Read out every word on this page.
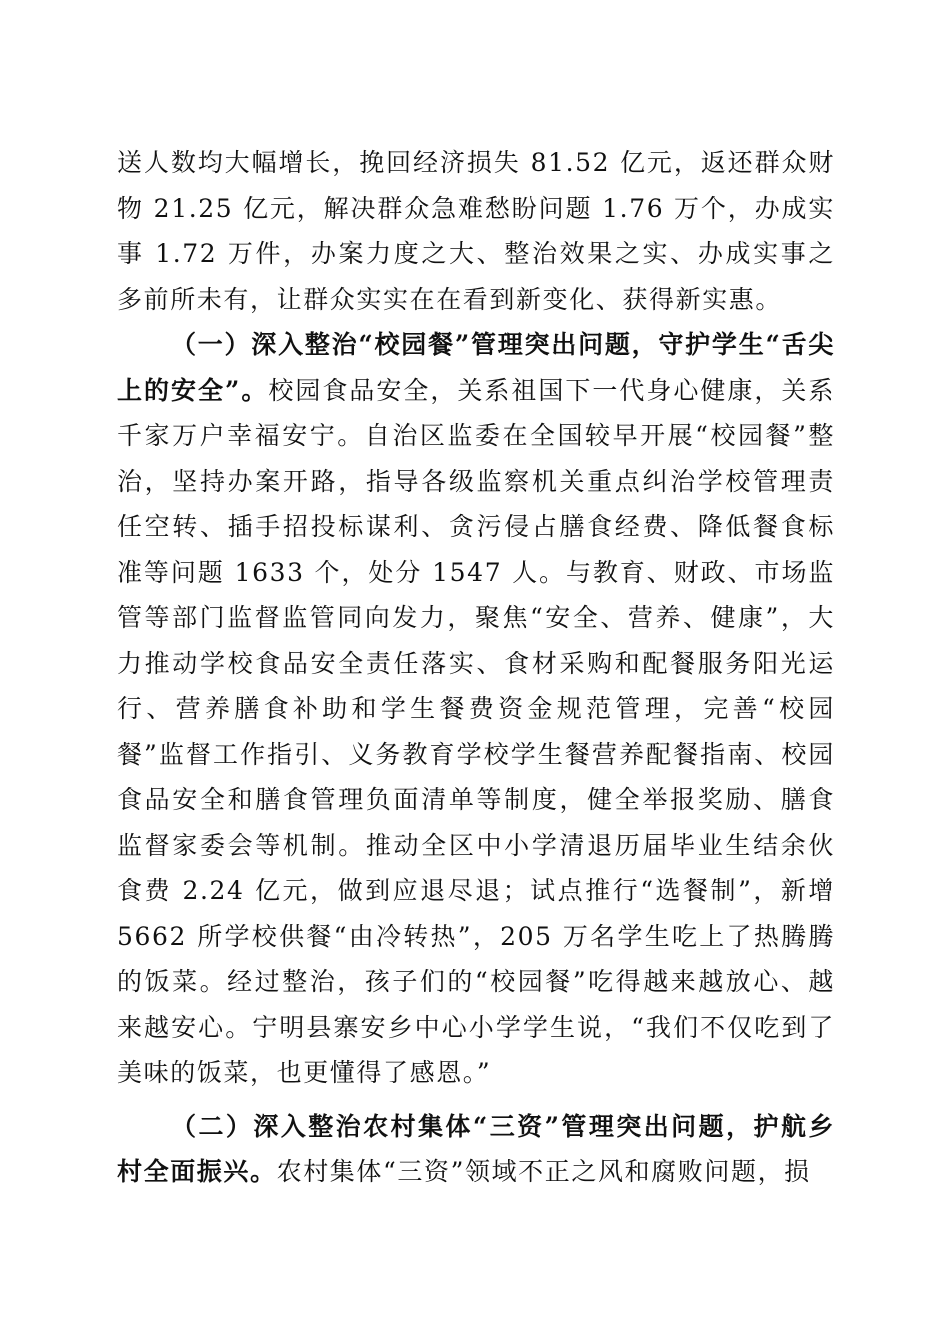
送人数均大幅增长，挽回经济损失 81.52 亿元，返还群众财物 21.25 亿元，解决群众急难愁盼问题 1.76 万个，办成实事 1.72 万件，办案力度之大、整治效果之实、办成实事之多前所未有，让群众实实在在看到新变化、获得新实惠。

（一）深入整治“校园餐”管理突出问题，守护学生“舌尖上的安全”。校园食品安全，关系祖国下一代身心健康，关系千家万户幸福安宁。自治区监委在全国较早开展“校园餐”整治，坚持办案开路，指导各级监察机关重点纠治学校管理责任空转、插手招投标谋利、贪污侵占膳食经费、降低餐食标准等问题 1633 个，处分 1547 人。与教育、财政、市场监管等部门监督监管同向发力，聚焦“安全、营养、健康”，大力推动学校食品安全责任落实、食材采购和配餐服务阳光运行、营养膳食补助和学生餐费资金规范管理，完善“校园餐”监督工作指引、义务教育学校学生餐营养配餐指南、校园食品安全和膳食管理负面清单等制度，健全举报奖励、膳食监督家委会等机制。推动全区中小学清退历届毕业生结余伙食费 2.24 亿元，做到应退尽退；试点推行“选餐制”，新增 5662 所学校供餐“由冷转热”，205 万名学生吃上了热腾腾的饭菜。经过整治，孩子们的“校园餐”吃得越来越放心、越来越安心。宁明县寨安乡中心小学学生说，“我们不仅吃到了美味的饭菜，也更懂得了感恩。”

（二）深入整治农村集体“三资”管理突出问题，护航乡村全面振兴。农村集体“三资”领域不正之风和腐败问题，损
